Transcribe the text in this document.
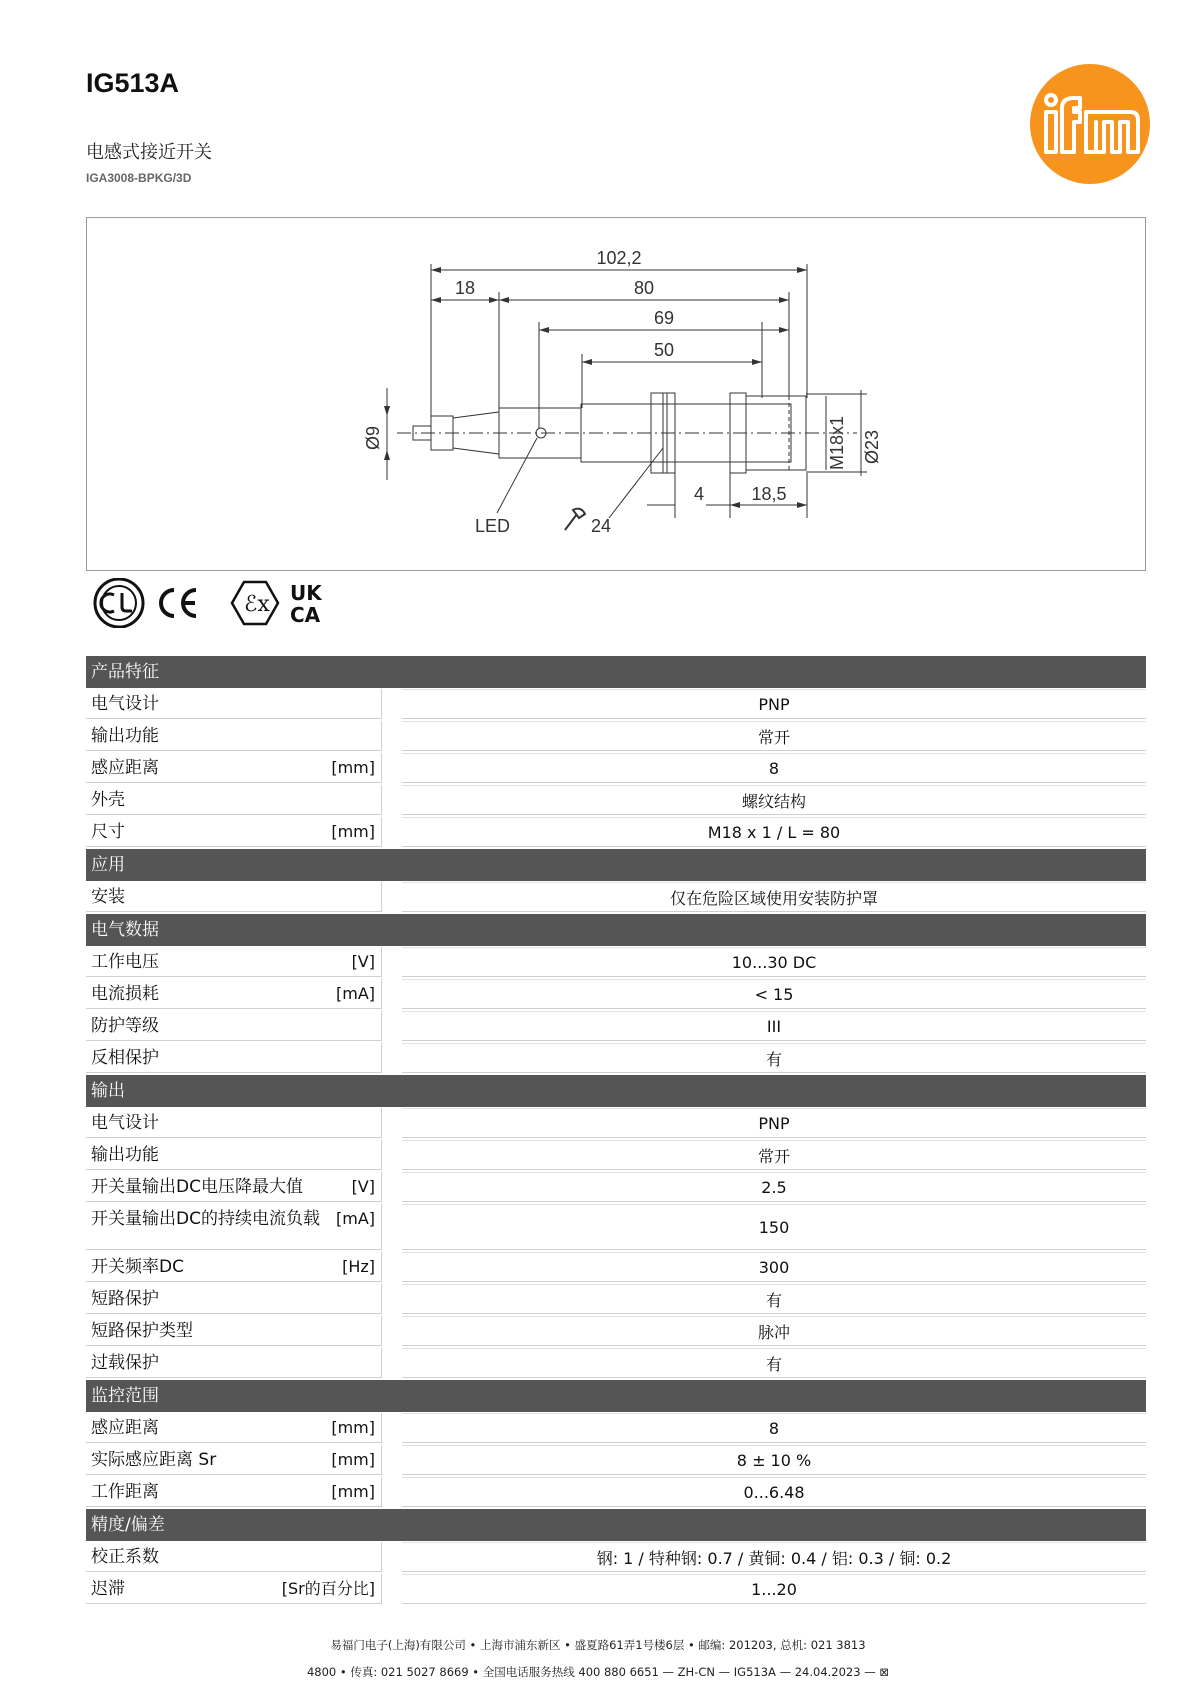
IG513A
电感式接近开关
IGA3008-BPKG/3D
102,2
18	80
69
50
4	18,5
Ø9	M18x1 Ø23
LED	24
ℰx UK
CA
产品特征
电气设计	PNP
输出功能	常开
感应距离	[mm]	8
外壳	螺纹结构
尺寸	[mm]	M18 x 1 / L = 80
应用
安装	仅在危险区域使用安装防护罩
电气数据
工作电压	[V]	10...30 DC
电流损耗	[mA]	< 15
防护等级	III
反相保护	有
输出
电气设计	PNP
输出功能	常开
开关量输出DC电压降最大值	[V]	2.5
开关量输出DC的持续电流负载 [mA]	150
开关频率DC	[Hz]	300
短路保护	有
短路保护类型	脉冲
过载保护	有
监控范围
感应距离	[mm]	8
实际感应距离 Sr	[mm]	8 ± 10 %
工作距离	[mm]	0...6.48
精度/偏差
校正系数	钢: 1 / 特种钢: 0.7 / 黄铜: 0.4 / 铝: 0.3 / 铜: 0.2
迟滞	[Sr的百分比]	1...20
易福门电子(上海)有限公司 • 上海市浦东新区 • 盛夏路61弄1号楼6层 • 邮编: 201203, 总机: 021 3813
4800 • 传真: 021 5027 8669 • 全国电话服务热线 400 880 6651 — ZH-CN — IG513A — 24.04.2023 — ⊠
